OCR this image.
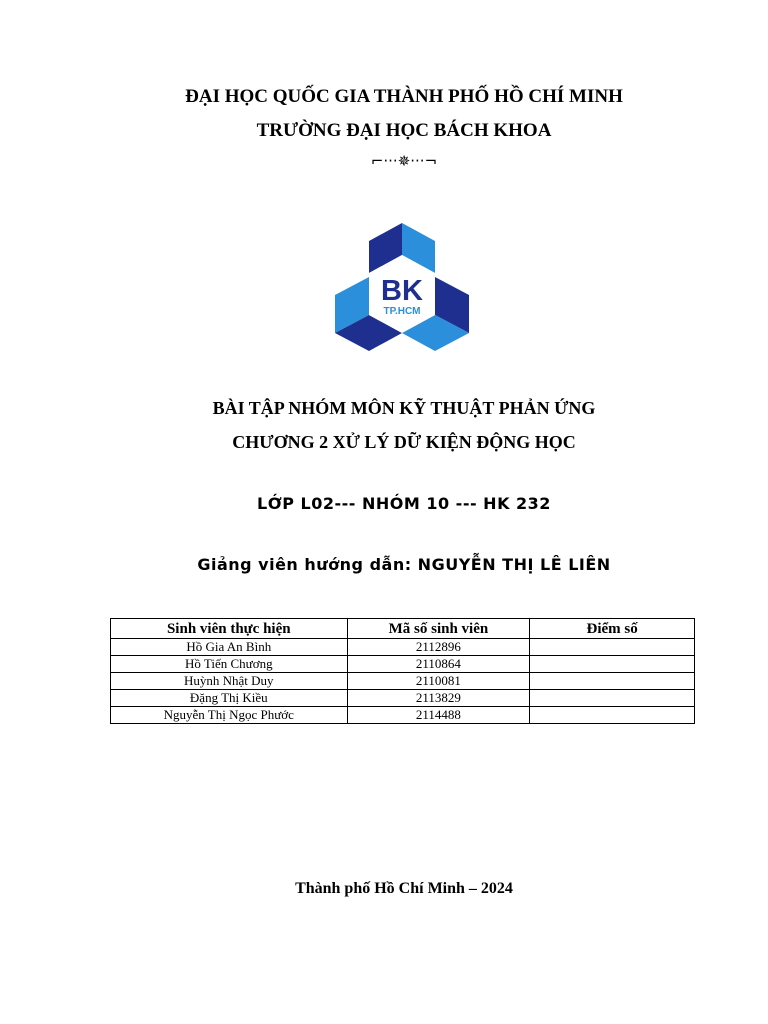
ĐẠI HỌC QUỐC GIA THÀNH PHỐ HỒ CHÍ MINH
TRƯỜNG ĐẠI HỌC BÁCH KHOA
⌐···✵···¬
BK
TP.HCM
BÀI TẬP NHÓM MÔN KỸ THUẬT PHẢN ỨNG
CHƯƠNG 2 XỬ LÝ DỮ KIỆN ĐỘNG HỌC
LỚP L02--- NHÓM 10 --- HK 232
Giảng viên hướng dẫn: NGUYỄN THỊ LÊ LIÊN
Sinh viên thực hiện	Mã số sinh viên	Điểm số
Hồ Gia An Bình	2112896	
Hồ Tiến Chương	2110864	
Huỳnh Nhật Duy	2110081	
Đặng Thị Kiều	2113829	
Nguyễn Thị Ngọc Phước	2114488	
Thành phố Hồ Chí Minh – 2024
